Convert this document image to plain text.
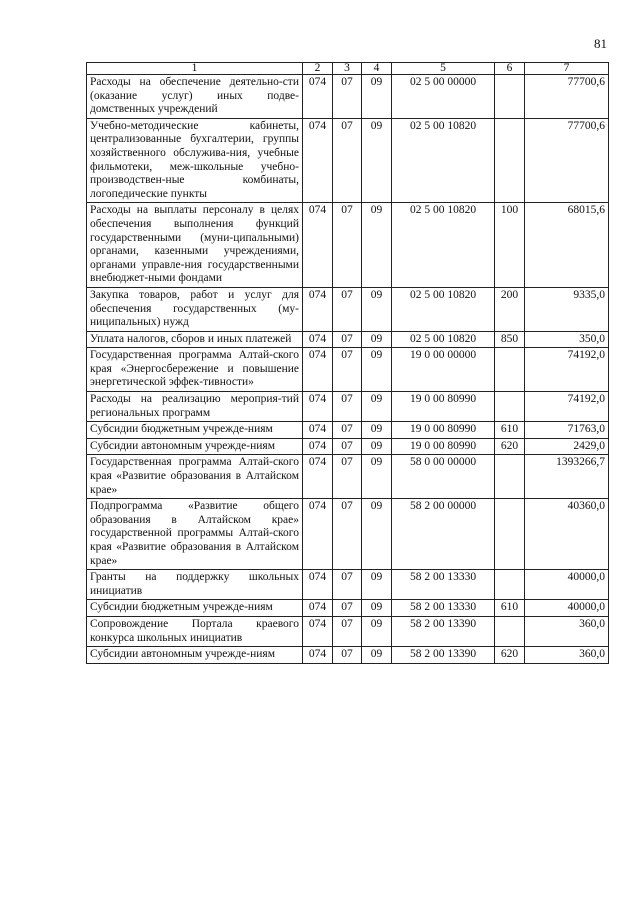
81
1	2	3	4	5	6	7
Расходы на обеспечение деятельно-сти (оказание услуг) иных подве-домственных учреждений	074	07	09	02 5 00 00000		77700,6
Учебно-методические кабинеты, централизованные бухгалтерии, группы хозяйственного обслужива-ния, учебные фильмотеки, меж-школьные учебно-производствен-ные комбинаты, логопедические пункты	074	07	09	02 5 00 10820		77700,6
Расходы на выплаты персоналу в целях обеспечения выполнения функций государственными (муни-ципальными) органами, казенными учреждениями, органами управле-ния государственными внебюджет-ными фондами	074	07	09	02 5 00 10820	100	68015,6
Закупка товаров, работ и услуг для обеспечения государственных (му-ниципальных) нужд	074	07	09	02 5 00 10820	200	9335,0
Уплата налогов, сборов и иных платежей	074	07	09	02 5 00 10820	850	350,0
Государственная программа Алтай-ского края «Энергосбережение и повышение энергетической эффек-тивности»	074	07	09	19 0 00 00000		74192,0
Расходы на реализацию мероприя-тий региональных программ	074	07	09	19 0 00 80990		74192,0
Субсидии бюджетным учрежде-ниям	074	07	09	19 0 00 80990	610	71763,0
Субсидии автономным учрежде-ниям	074	07	09	19 0 00 80990	620	2429,0
Государственная программа Алтай-ского края «Развитие образования в Алтайском крае»	074	07	09	58 0 00 00000		1393266,7
Подпрограмма «Развитие общего образования в Алтайском крае» государственной программы Алтай-ского края «Развитие образования в Алтайском крае»	074	07	09	58 2 00 00000		40360,0
Гранты на поддержку школьных инициатив	074	07	09	58 2 00 13330		40000,0
Субсидии бюджетным учрежде-ниям	074	07	09	58 2 00 13330	610	40000,0
Сопровождение Портала краевого конкурса школьных инициатив	074	07	09	58 2 00 13390		360,0
Субсидии автономным учрежде-ниям	074	07	09	58 2 00 13390	620	360,0
